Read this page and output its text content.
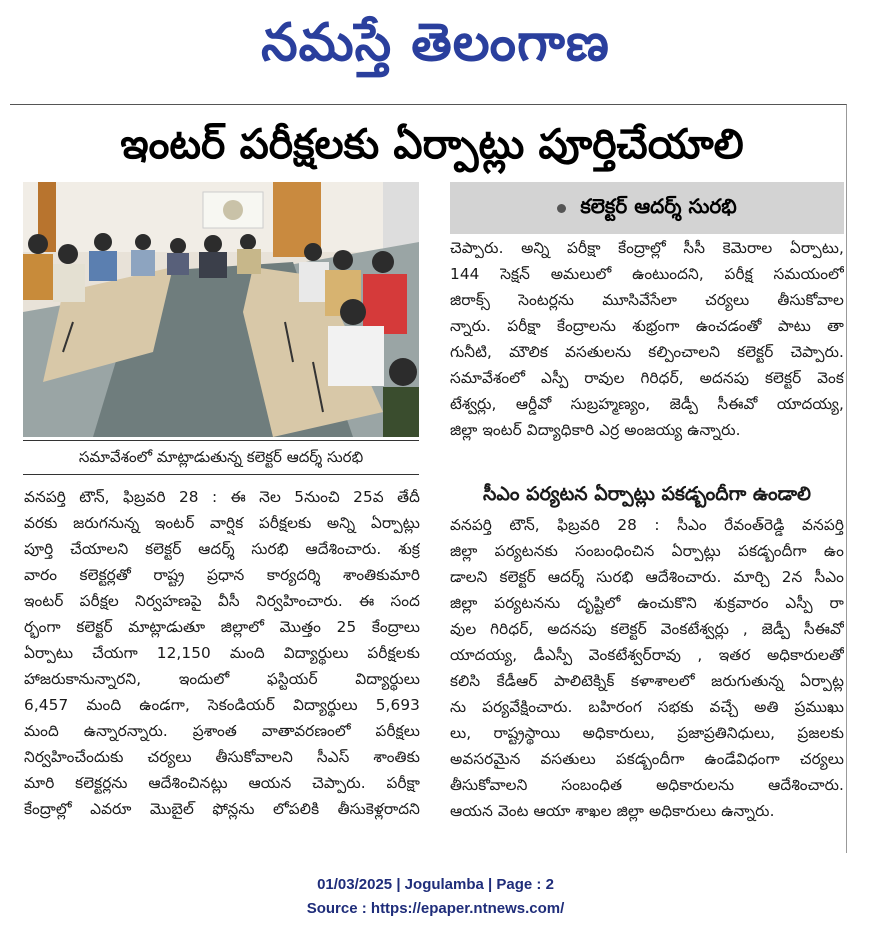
నమస్తే తెలంగాణ
ఇంటర్ పరీక్షలకు ఏర్పాట్లు పూర్తిచేయాలి
సమావేశంలో మాట్లాడుతున్న కలెక్టర్ ఆదర్శ్ సురభి
వనపర్తి టౌన్, ఫిబ్రవరి 28 : ఈ నెల 5నుంచి 25వ తేదీ
వరకు జరుగనున్న ఇంటర్ వార్షిక పరీక్షలకు అన్ని ఏర్పాట్లు
పూర్తి చేయాలని కలెక్టర్ ఆదర్శ్ సురభి ఆదేశించారు. శుక్ర
వారం కలెక్టర్లతో రాష్ట్ర ప్రధాన కార్యదర్శి శాంతికుమారి
ఇంటర్ పరీక్షల నిర్వహణపై వీసీ నిర్వహించారు. ఈ సంద
ర్భంగా కలెక్టర్ మాట్లాడుతూ జిల్లాలో మొత్తం 25 కేంద్రాలు
ఏర్పాటు చేయగా 12,150 మంది విద్యార్థులు పరీక్షలకు
హాజరుకానున్నారని, ఇందులో ఫస్టియర్ విద్యార్థులు
6,457 మంది ఉండగా, సెకండియర్ విద్యార్థులు 5,693
మంది ఉన్నారన్నారు. ప్రశాంత వాతావరణంలో పరీక్షలు
నిర్వహించేందుకు చర్యలు తీసుకోవాలని సీఎస్ శాంతికు
మారి కలెక్టర్లను ఆదేశించినట్లు ఆయన చెప్పారు. పరీక్షా
కేంద్రాల్లో ఎవరూ మొబైల్ ఫోన్లను లోపలికి తీసుకెళ్లరాదని
కలెక్టర్ ఆదర్శ్ సురభి
చెప్పారు. అన్ని పరీక్షా కేంద్రాల్లో సీసీ కెమెరాల ఏర్పాటు,
144 సెక్షన్ అమలులో ఉంటుందని, పరీక్ష సమయంలో
జిరాక్స్ సెంటర్లను మూసివేసేలా చర్యలు తీసుకోవాల
న్నారు. పరీక్షా కేంద్రాలను శుభ్రంగా ఉంచడంతో పాటు తా
గునీటి, మౌలిక వసతులను కల్పించాలని కలెక్టర్ చెప్పారు.
సమావేశంలో ఎస్పీ రావుల గిరిధర్, అదనపు కలెక్టర్ వెంక
టేశ్వర్లు, ఆర్డీవో సుబ్రహ్మణ్యం, జెడ్పీ సీఈవో యాదయ్య,
జిల్లా ఇంటర్ విద్యాధికారి ఎర్ర అంజయ్య ఉన్నారు.
సీఎం పర్యటన ఏర్పాట్లు పకడ్బందీగా ఉండాలి
వనపర్తి టౌన్, ఫిబ్రవరి 28 : సీఎం రేవంత్‌రెడ్డి వనపర్తి
జిల్లా పర్యటనకు సంబంధించిన ఏర్పాట్లు పకడ్బందీగా ఉం
డాలని కలెక్టర్ ఆదర్శ్ సురభి ఆదేశించారు. మార్చి 2న సీఎం
జిల్లా పర్యటనను దృష్టిలో ఉంచుకొని శుక్రవారం ఎస్పీ రా
వుల గిరిధర్, అదనపు కలెక్టర్ వెంకటేశ్వర్లు , జెడ్పీ సీఈవో
యాదయ్య, డీఎస్పీ వెంకటేశ్వర్‌రావు , ఇతర అధికారులతో
కలిసి కేడీఆర్ పాలిటెక్నిక్ కళాశాలలో జరుగుతున్న ఏర్పాట్ల
ను పర్యవేక్షించారు. బహిరంగ సభకు వచ్చే అతి ప్రముఖు
లు, రాష్ట్రస్థాయి అధికారులు, ప్రజాప్రతినిధులు, ప్రజలకు
అవసరమైన వసతులు పకడ్బందీగా ఉండేవిధంగా చర్యలు
తీసుకోవాలని సంబంధిత అధికారులను ఆదేశించారు.
ఆయన వెంట ఆయా శాఖల జిల్లా అధికారులు ఉన్నారు.
01/03/2025 | Jogulamba | Page : 2
Source : https://epaper.ntnews.com/
